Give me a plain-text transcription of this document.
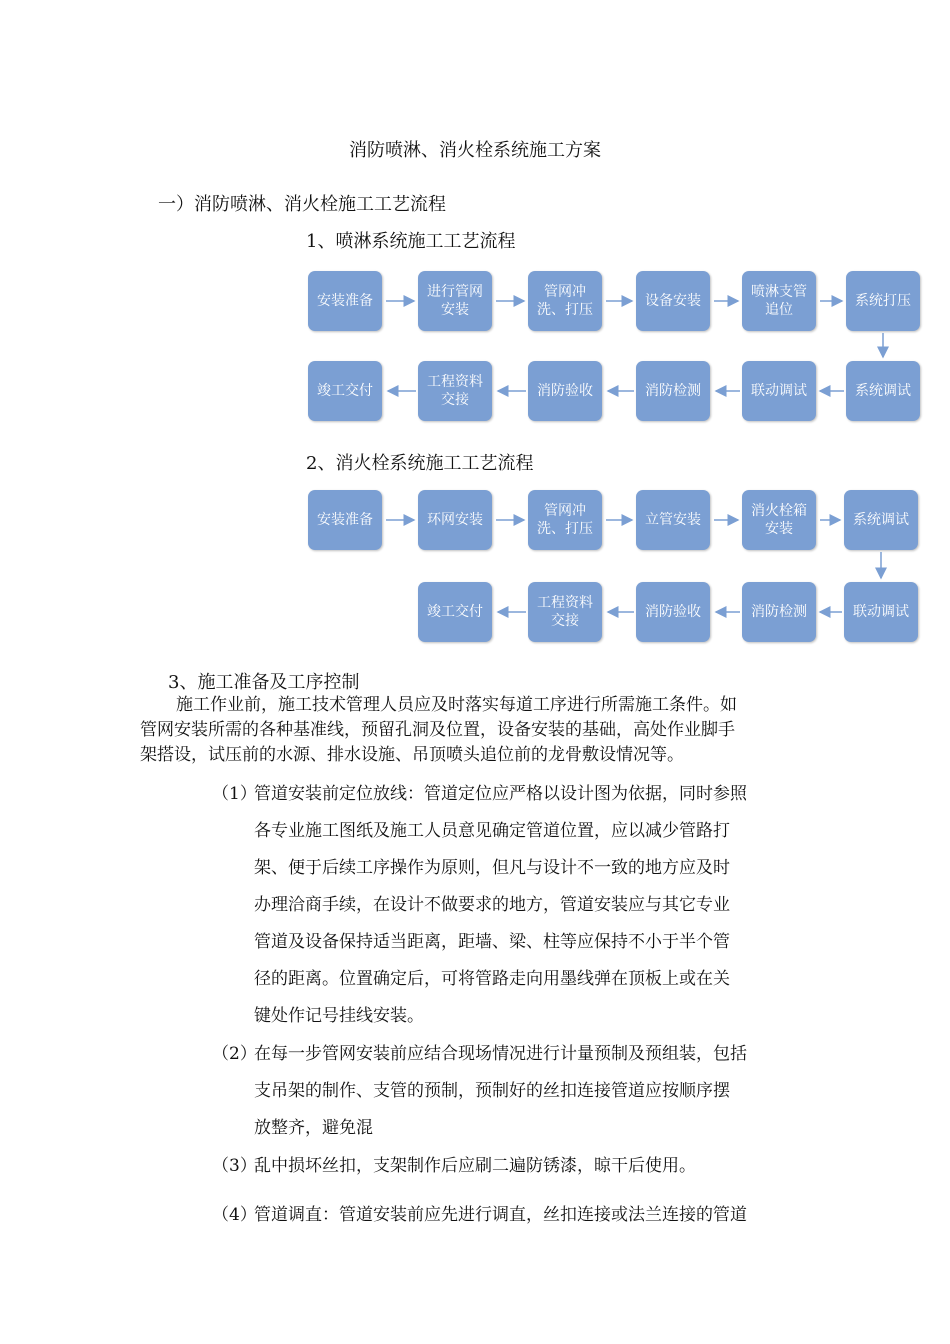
消防喷淋、消火栓系统施工方案
一）消防喷淋、消火栓施工工艺流程
1、喷淋系统施工工艺流程
安装准备
进行管网安装
管网冲洗、打压
设备安装
喷淋支管追位
系统打压
竣工交付
工程资料交接
消防验收	消防检测	联动调试	系统调试
2、消火栓系统施工工艺流程
安装准备	环网安装
管网冲洗、打压
立管安装
消火栓箱安装
系统调试
竣工交付
工程资料交接
消防验收	消防检测	联动调试
3、施工准备及工序控制
施工作业前，施工技术管理人员应及时落实每道工序进行所需施工条件。如
管网安装所需的各种基准线，预留孔洞及位置，设备安装的基础，高处作业脚手
架搭设，试压前的水源、排水设施、吊顶喷头追位前的龙骨敷设情况等。
（1）
管道安装前定位放线：管道定位应严格以设计图为依据，同时参照
各专业施工图纸及施工人员意见确定管道位置，应以减少管路打
架、便于后续工序操作为原则，但凡与设计不一致的地方应及时
办理洽商手续，在设计不做要求的地方，管道安装应与其它专业
管道及设备保持适当距离，距墙、梁、柱等应保持不小于半个管
径的距离。位置确定后，可将管路走向用墨线弹在顶板上或在关
键处作记号挂线安装。
（2）
在每一步管网安装前应结合现场情况进行计量预制及预组装，包括
支吊架的制作、支管的预制，预制好的丝扣连接管道应按顺序摆
放整齐，避免混
（3）
乱中损坏丝扣，支架制作后应刷二遍防锈漆，晾干后使用。
（4）
管道调直：管道安装前应先进行调直，丝扣连接或法兰连接的管道
